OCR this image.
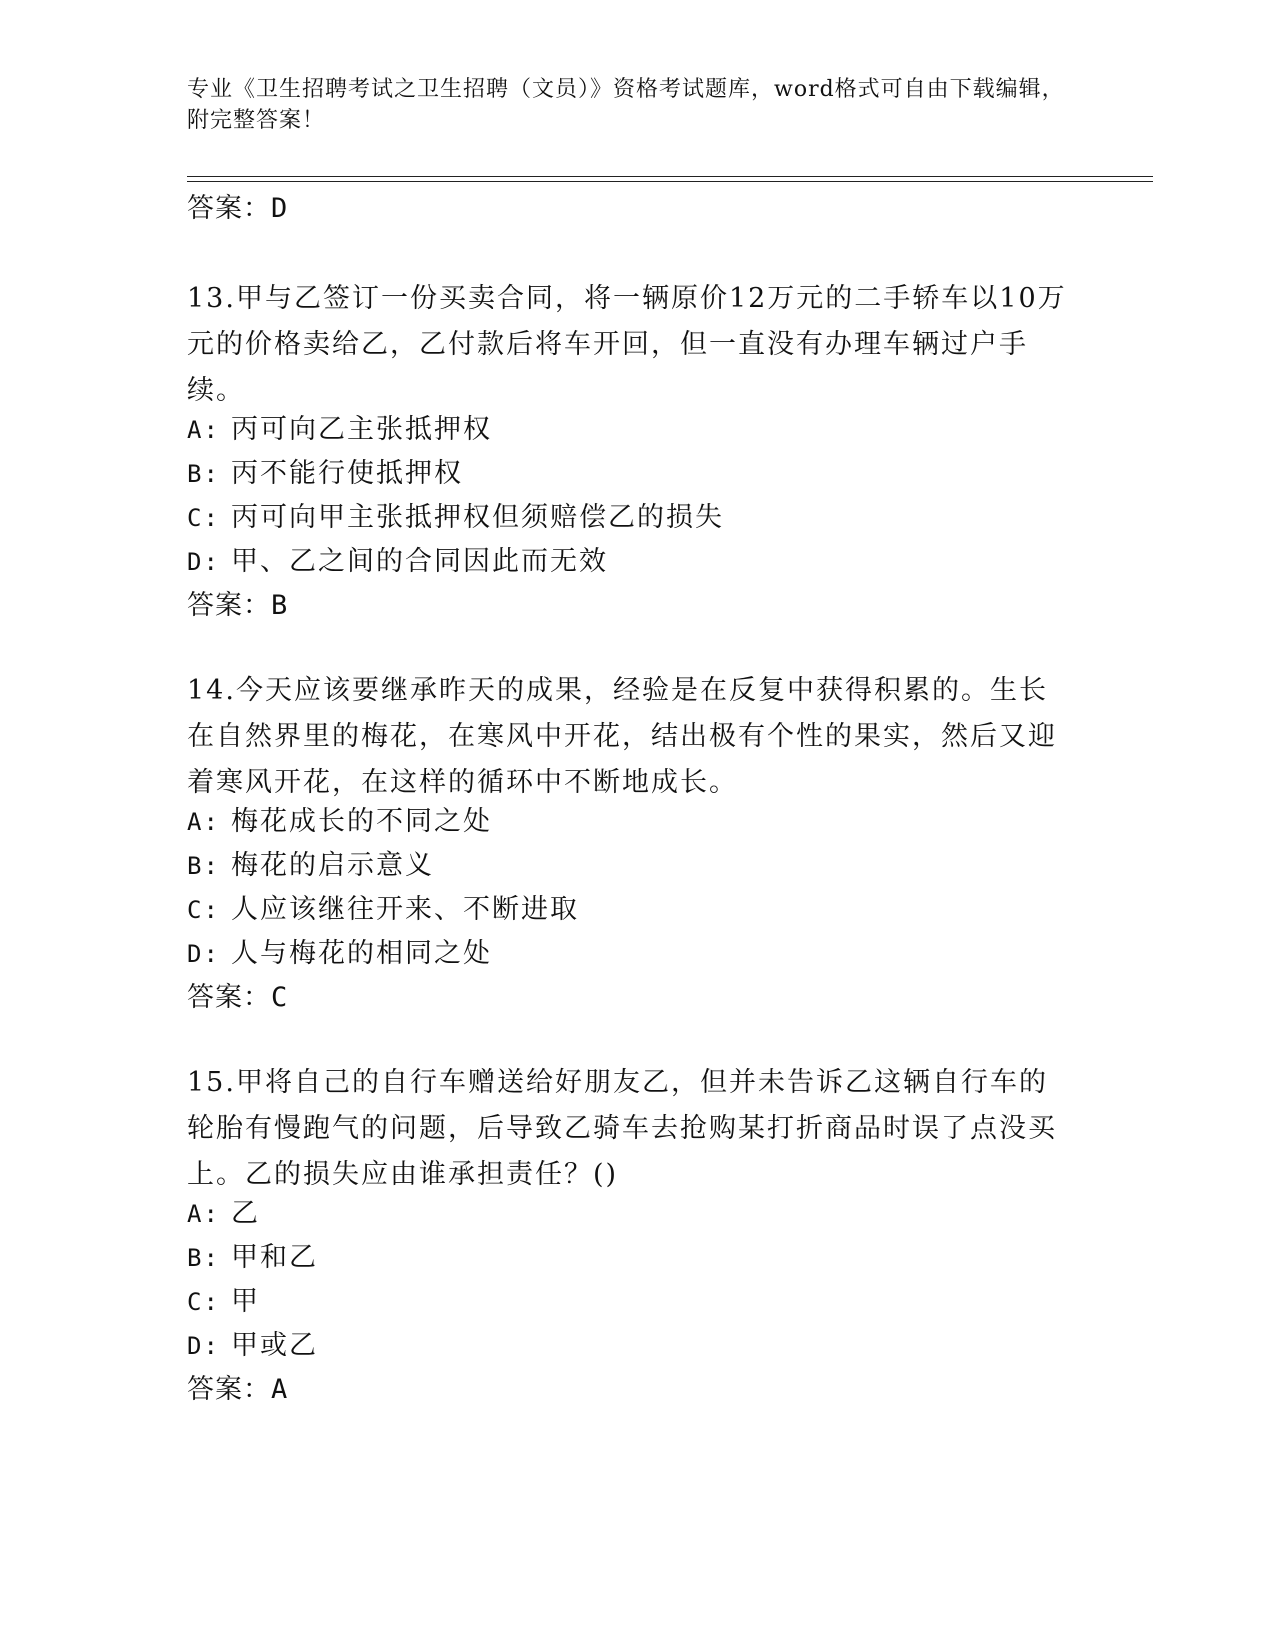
专业《卫生招聘考试之卫生招聘（文员）》资格考试题库，word格式可自由下载编辑，附完整答案！
答案：D
13.甲与乙签订一份买卖合同，将一辆原价12万元的二手轿车以10万元的价格卖给乙，乙付款后将车开回，但一直没有办理车辆过户手续。
A: 丙可向乙主张抵押权
B: 丙不能行使抵押权
C: 丙可向甲主张抵押权但须赔偿乙的损失
D: 甲、乙之间的合同因此而无效
答案：B
14.今天应该要继承昨天的成果，经验是在反复中获得积累的。生长在自然界里的梅花，在寒风中开花，结出极有个性的果实，然后又迎着寒风开花，在这样的循环中不断地成长。
A: 梅花成长的不同之处
B: 梅花的启示意义
C: 人应该继往开来、不断进取
D: 人与梅花的相同之处
答案：C
15.甲将自己的自行车赠送给好朋友乙，但并未告诉乙这辆自行车的轮胎有慢跑气的问题，后导致乙骑车去抢购某打折商品时误了点没买上。乙的损失应由谁承担责任？()
A: 乙
B: 甲和乙
C: 甲
D: 甲或乙
答案：A
